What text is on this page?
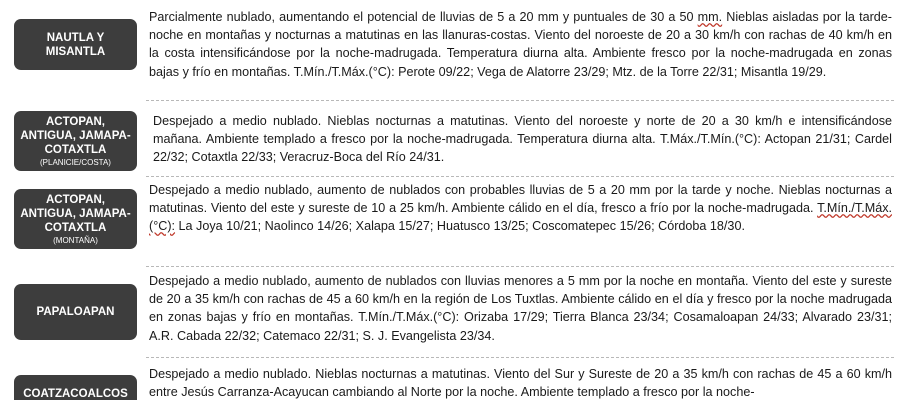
NAUTLA Y
MISANTLA
Parcialmente nublado, aumentando el potencial de lluvias de 5 a 20 mm y puntuales de 30 a 50 mm. Nieblas aisladas por la tarde-noche en montañas y nocturnas a matutinas en las llanuras-costas. Viento del noroeste de 20 a 30 km/h con rachas de 40 km/h en la costa intensificándose por la noche-madrugada. Temperatura diurna alta. Ambiente fresco por la noche-madrugada en zonas bajas y frío en montañas. T.Mín./T.Máx.(°C): Perote 09/22; Vega de Alatorre 23/29; Mtz. de la Torre 22/31; Misantla 19/29.
ACTOPAN,
ANTIGUA, JAMAPA-
COTAXTLA
(PLANICIE/COSTA)
Despejado a medio nublado. Nieblas nocturnas a matutinas. Viento del noroeste y norte de 20 a 30 km/h e intensificándose mañana. Ambiente templado a fresco por la noche-madrugada. Temperatura diurna alta. T.Máx./T.Mín.(°C): Actopan 21/31; Cardel 22/32; Cotaxtla 22/33; Veracruz-Boca del Río 24/31.
ACTOPAN,
ANTIGUA, JAMAPA-
COTAXTLA
(MONTAÑA)
Despejado a medio nublado, aumento de nublados con probables lluvias de 5 a 20 mm por la tarde y noche. Nieblas nocturnas a matutinas. Viento del este y sureste de 10 a 25 km/h. Ambiente cálido en el día, fresco a frío por la noche-madrugada. T.Mín./T.Máx.(°C): La Joya 10/21; Naolinco 14/26; Xalapa 15/27; Huatusco 13/25; Coscomatepec 15/26; Córdoba 18/30.
PAPALOAPAN
Despejado a medio nublado, aumento de nublados con lluvias menores a 5 mm por la noche en montaña. Viento del este y sureste de 20 a 35 km/h con rachas de 45 a 60 km/h en la región de Los Tuxtlas. Ambiente cálido en el día y fresco por la noche madrugada en zonas bajas y frío en montañas. T.Mín./T.Máx.(°C): Orizaba 17/29; Tierra Blanca 23/34; Cosamaloapan 24/33; Alvarado 23/31; A.R. Cabada 22/32; Catemaco 22/31; S. J. Evangelista 23/34.
COATZACOALCOS
Despejado a medio nublado. Nieblas nocturnas a matutinas. Viento del Sur y Sureste de 20 a 35 km/h con rachas de 45 a 60 km/h entre Jesús Carranza-Acayucan cambiando al Norte por la noche. Ambiente templado a fresco por la noche-
